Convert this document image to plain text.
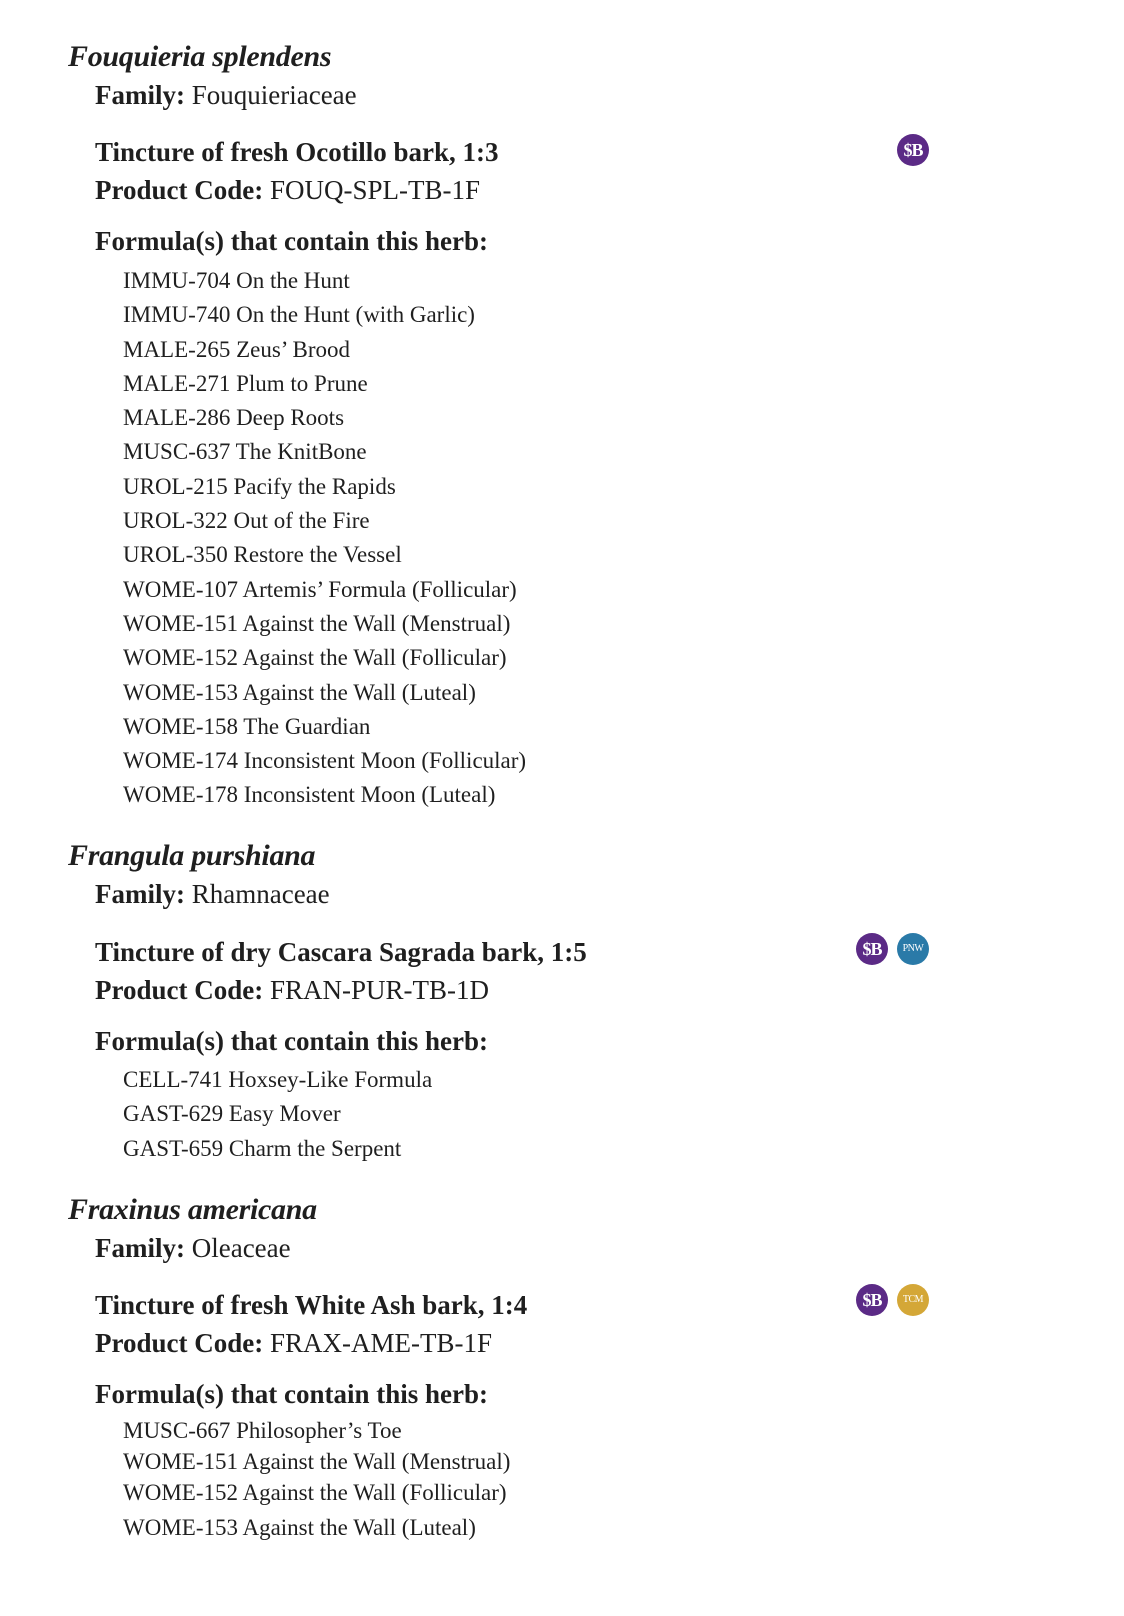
Fouquieria splendens
Family: Fouquieriaceae
Tincture of fresh Ocotillo bark, 1:3	$B
Product Code: FOUQ-SPL-TB-1F
Formula(s) that contain this herb:
IMMU-704 On the Hunt
IMMU-740 On the Hunt (with Garlic)
MALE-265 Zeus’ Brood
MALE-271 Plum to Prune
MALE-286 Deep Roots
MUSC-637 The KnitBone
UROL-215 Pacify the Rapids
UROL-322 Out of the Fire
UROL-350 Restore the Vessel
WOME-107 Artemis’ Formula (Follicular)
WOME-151 Against the Wall (Menstrual)
WOME-152 Against the Wall (Follicular)
WOME-153 Against the Wall (Luteal)
WOME-158 The Guardian
WOME-174 Inconsistent Moon (Follicular)
WOME-178 Inconsistent Moon (Luteal)
Frangula purshiana
Family: Rhamnaceae
Tincture of dry Cascara Sagrada bark, 1:5	$B	PNW
Product Code: FRAN-PUR-TB-1D
Formula(s) that contain this herb:
CELL-741 Hoxsey-Like Formula
GAST-629 Easy Mover
GAST-659 Charm the Serpent
Fraxinus americana
Family: Oleaceae
Tincture of fresh White Ash bark, 1:4	$B	TCM
Product Code: FRAX-AME-TB-1F
Formula(s) that contain this herb:
MUSC-667 Philosopher’s Toe
WOME-151 Against the Wall (Menstrual)
WOME-152 Against the Wall (Follicular)
WOME-153 Against the Wall (Luteal)
